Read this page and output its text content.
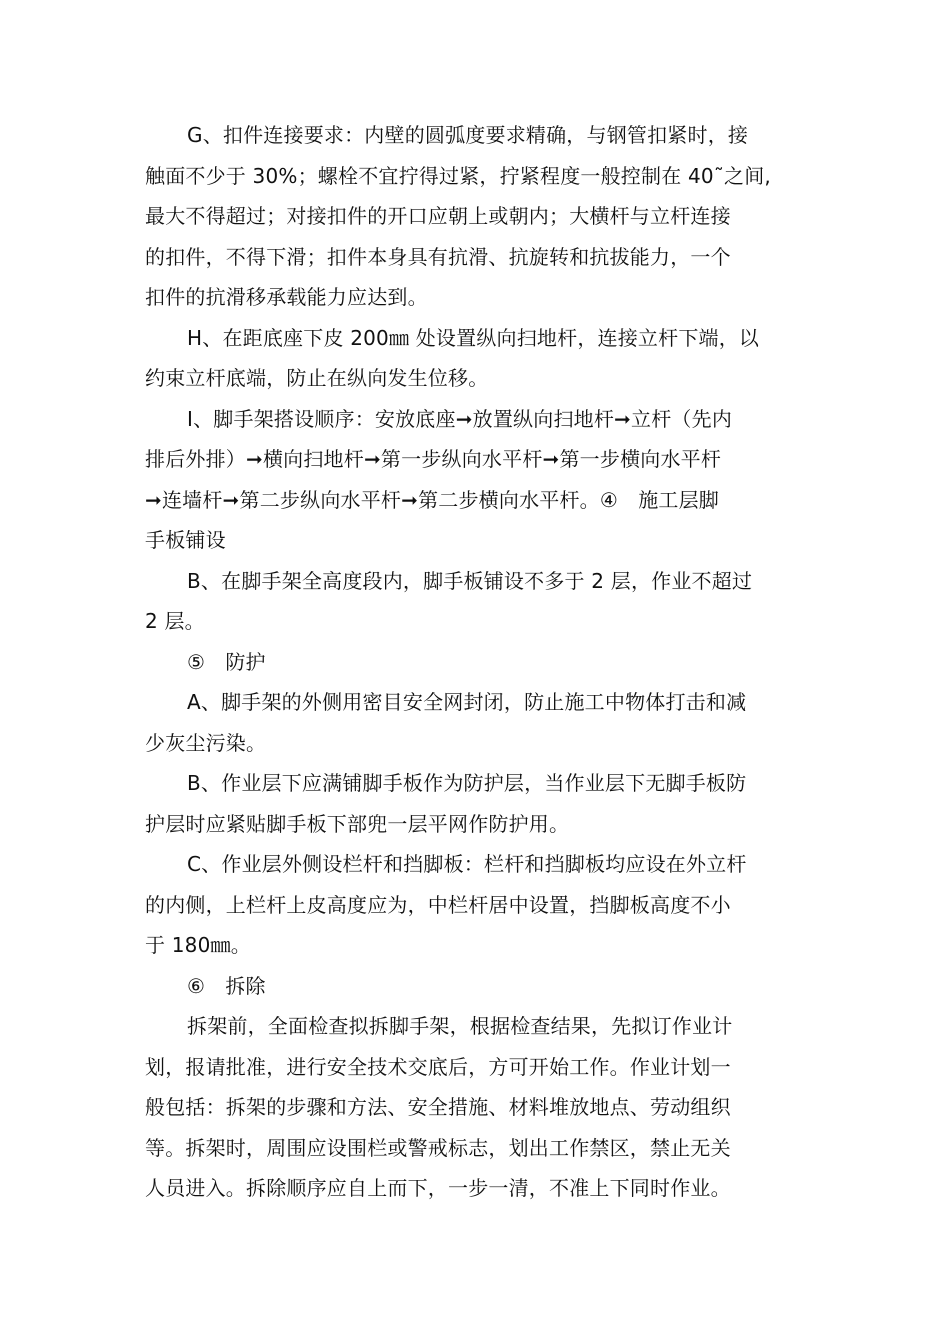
G、扣件连接要求：内壁的圆弧度要求精确，与钢管扣紧时，接
触面不少于 30%；螺栓不宜拧得过紧，拧紧程度一般控制在 40˜之间,
最大不得超过；对接扣件的开口应朝上或朝内；大横杆与立杆连接
的扣件，不得下滑；扣件本身具有抗滑、抗旋转和抗拔能力，一个
扣件的抗滑移承载能力应达到。
H、在距底座下皮 200㎜ 处设置纵向扫地杆，连接立杆下端，以
约束立杆底端，防止在纵向发生位移。
I、脚手架搭设顺序：安放底座➞放置纵向扫地杆➞立杆（先内
排后外排）➞横向扫地杆➞第一步纵向水平杆➞第一步横向水平杆
➞连墙杆➞第二步纵向水平杆➞第二步横向水平杆。④　施工层脚
手板铺设
B、在脚手架全高度段内，脚手板铺设不多于 2 层，作业不超过
2 层。
⑤　防护
A、脚手架的外侧用密目安全网封闭，防止施工中物体打击和减
少灰尘污染。
B、作业层下应满铺脚手板作为防护层，当作业层下无脚手板防
护层时应紧贴脚手板下部兜一层平网作防护用。
C、作业层外侧设栏杆和挡脚板：栏杆和挡脚板均应设在外立杆
的内侧，上栏杆上皮高度应为，中栏杆居中设置，挡脚板高度不小
于 180㎜。
⑥　拆除
拆架前，全面检查拟拆脚手架，根据检查结果，先拟订作业计
划，报请批准，进行安全技术交底后，方可开始工作。作业计划一
般包括：拆架的步骤和方法、安全措施、材料堆放地点、劳动组织
等。拆架时，周围应设围栏或警戒标志，划出工作禁区，禁止无关
人员进入。拆除顺序应自上而下，一步一清，不准上下同时作业。
